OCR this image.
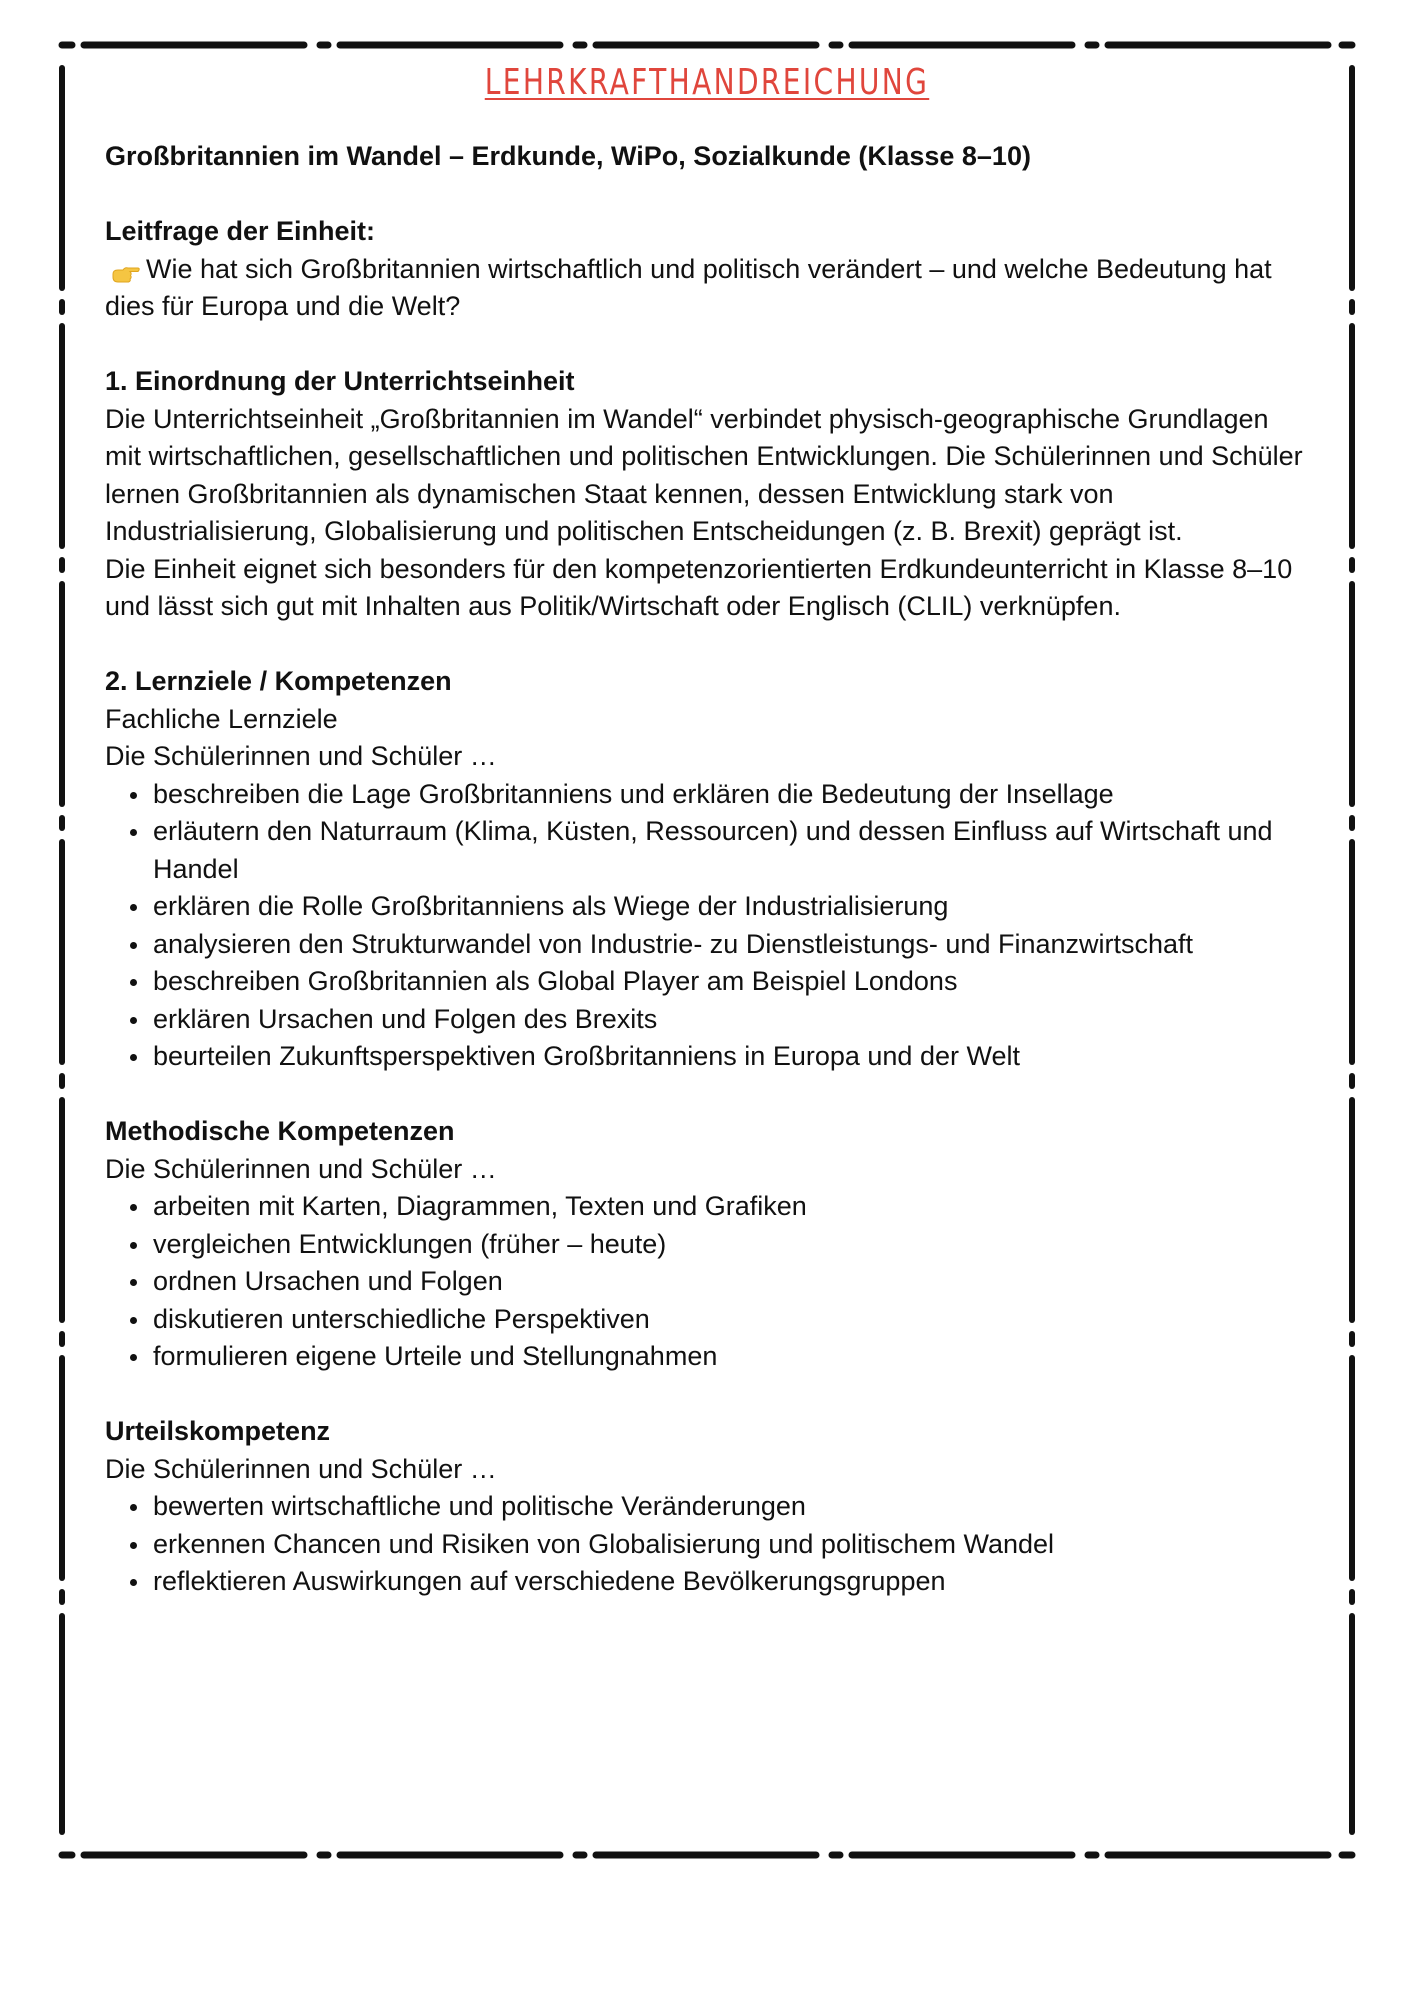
LEHRKRAFTHANDREICHUNG

Großbritannien im Wandel – Erdkunde, WiPo, Sozialkunde (Klasse 8–10)

Leitfrage der Einheit:

Wie hat sich Großbritannien wirtschaftlich und politisch verändert – und welche Bedeutung hat dies für Europa und die Welt?

1. Einordnung der Unterrichtseinheit

Die Unterrichtseinheit „Großbritannien im Wandel“ verbindet physisch-geographische Grundlagen mit wirtschaftlichen, gesellschaftlichen und politischen Entwicklungen. Die Schülerinnen und Schüler lernen Großbritannien als dynamischen Staat kennen, dessen Entwicklung stark von Industrialisierung, Globalisierung und politischen Entscheidungen (z. B. Brexit) geprägt ist.

Die Einheit eignet sich besonders für den kompetenzorientierten Erdkundeunterricht in Klasse 8–10 und lässt sich gut mit Inhalten aus Politik/Wirtschaft oder Englisch (CLIL) verknüpfen.

2. Lernziele / Kompetenzen

Fachliche Lernziele

Die Schülerinnen und Schüler …

beschreiben die Lage Großbritanniens und erklären die Bedeutung der Insellage
erläutern den Naturraum (Klima, Küsten, Ressourcen) und dessen Einfluss auf Wirtschaft und Handel
erklären die Rolle Großbritanniens als Wiege der Industrialisierung
analysieren den Strukturwandel von Industrie- zu Dienstleistungs- und Finanzwirtschaft
beschreiben Großbritannien als Global Player am Beispiel Londons
erklären Ursachen und Folgen des Brexits
beurteilen Zukunftsperspektiven Großbritanniens in Europa und der Welt

Methodische Kompetenzen

Die Schülerinnen und Schüler …

arbeiten mit Karten, Diagrammen, Texten und Grafiken
vergleichen Entwicklungen (früher – heute)
ordnen Ursachen und Folgen
diskutieren unterschiedliche Perspektiven
formulieren eigene Urteile und Stellungnahmen

Urteilskompetenz

Die Schülerinnen und Schüler …

bewerten wirtschaftliche und politische Veränderungen
erkennen Chancen und Risiken von Globalisierung und politischem Wandel
reflektieren Auswirkungen auf verschiedene Bevölkerungsgruppen
